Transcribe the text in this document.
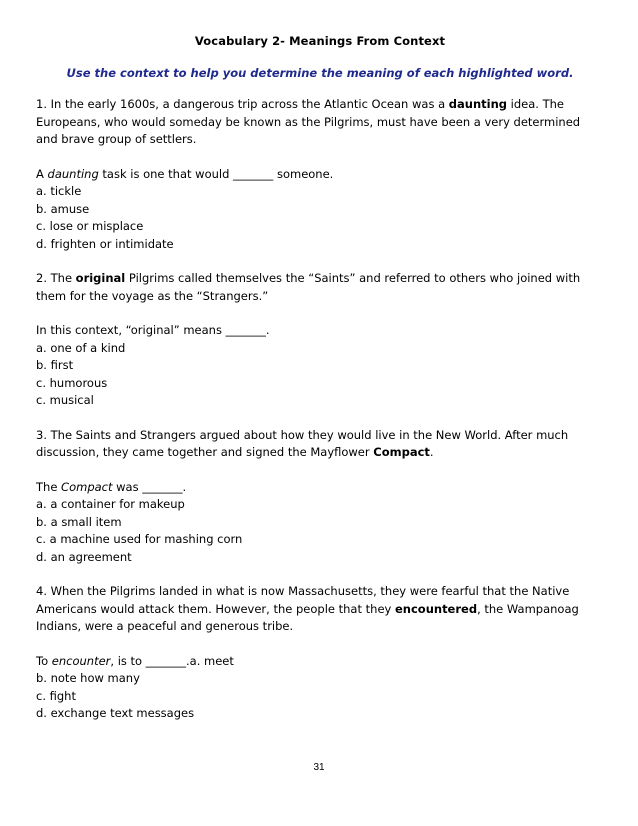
Vocabulary 2- Meanings From Context

Use the context to help you determine the meaning of each highlighted word.

1. In the early 1600s, a dangerous trip across the Atlantic Ocean was a daunting idea. The Europeans, who would someday be known as the Pilgrims, must have been a very determined and brave group of settlers.

A daunting task is one that would _______ someone.

a. tickle

b. amuse

c. lose or misplace

d. frighten or intimidate

2. The original Pilgrims called themselves the “Saints” and referred to others who joined with them for the voyage as the “Strangers.”

In this context, “original” means _______.

a. one of a kind

b. first

c. humorous

c. musical

3. The Saints and Strangers argued about how they would live in the New World. After much discussion, they came together and signed the Mayflower Compact.

The Compact was _______.

a. a container for makeup

b. a small item

c. a machine used for mashing corn

d. an agreement

4. When the Pilgrims landed in what is now Massachusetts, they were fearful that the Native Americans would attack them. However, the people that they encountered, the Wampanoag Indians, were a peaceful and generous tribe.

To encounter, is to _______.a. meet

b. note how many

c. fight

d. exchange text messages

31
